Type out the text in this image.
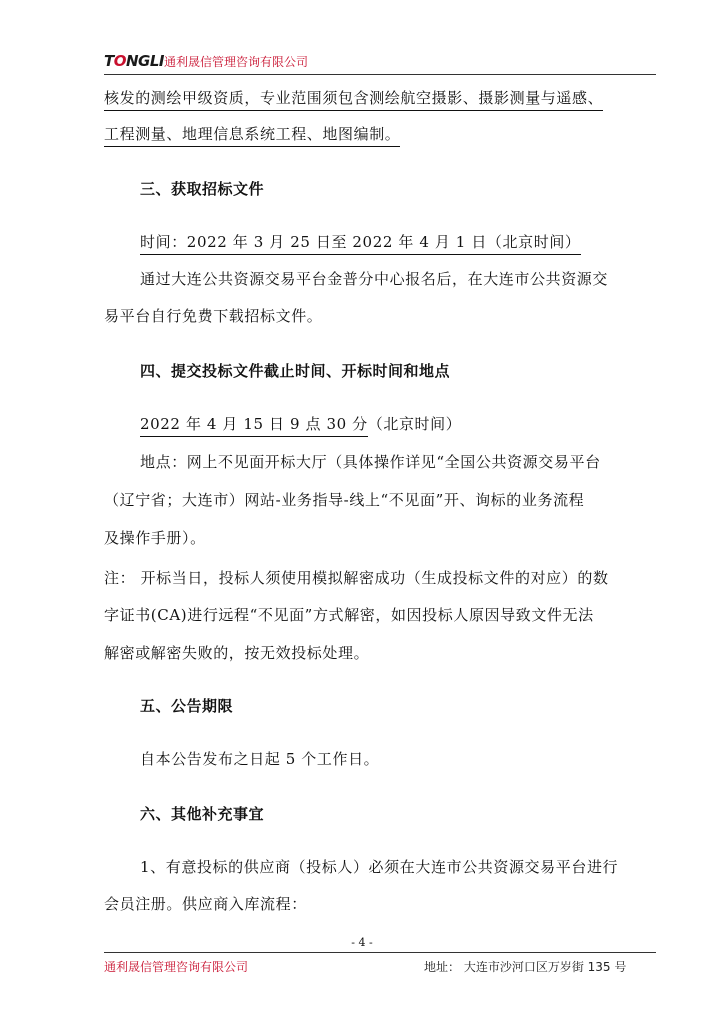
TONGLI 通利晟信管理咨询有限公司
核发的测绘甲级资质，专业范围须包含测绘航空摄影、摄影测量与遥感、
工程测量、地理信息系统工程、地图编制。
三、获取招标文件
时间：2022 年 3 月 25 日至 2022 年 4 月 1 日（北京时间）
通过大连公共资源交易平台金普分中心报名后，在大连市公共资源交
易平台自行免费下载招标文件。
四、提交投标文件截止时间、开标时间和地点
2022 年 4 月 15 日 9 点 30 分（北京时间）
地点：网上不见面开标大厅（具体操作详见“全国公共资源交易平台
（辽宁省；大连市）网站-业务指导-线上“不见面”开、询标的业务流程
及操作手册）。
注： 开标当日，投标人须使用模拟解密成功（生成投标文件的对应）的数
字证书(CA)进行远程“不见面”方式解密，如因投标人原因导致文件无法
解密或解密失败的，按无效投标处理。
五、公告期限
自本公告发布之日起 5 个工作日。
六、其他补充事宜
1、有意投标的供应商（投标人）必须在大连市公共资源交易平台进行
会员注册。供应商入库流程：
- 4 -
通利晟信管理咨询有限公司	地址： 大连市沙河口区万岁街 135 号
